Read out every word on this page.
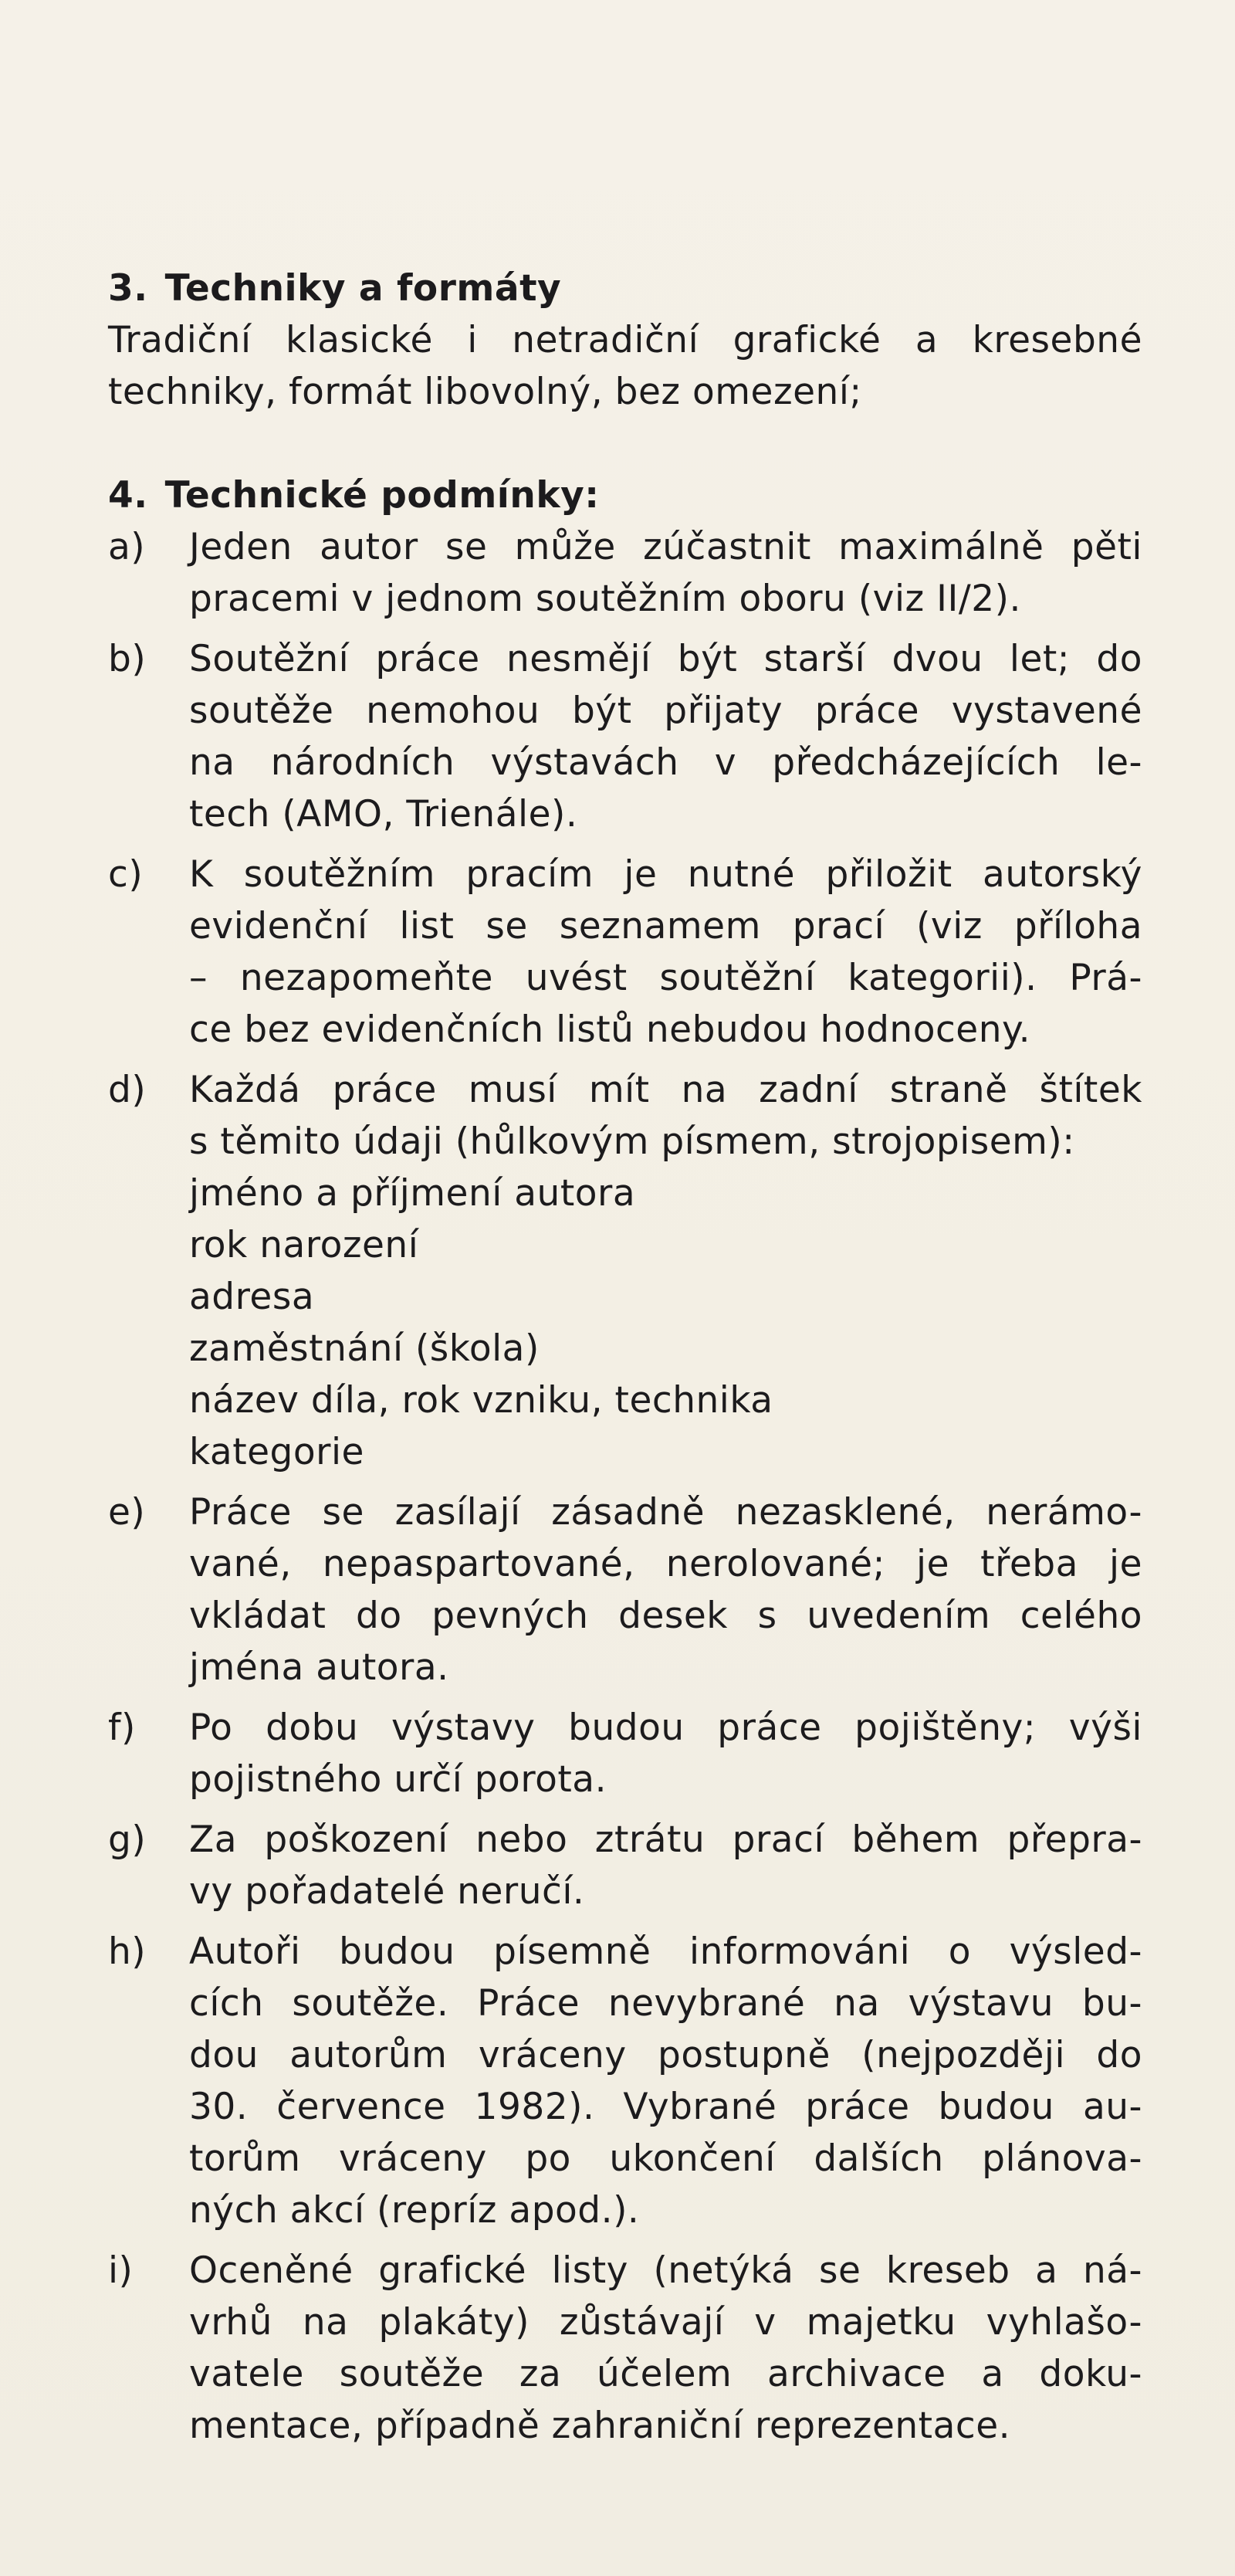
3. Techniky a formáty
Tradiční klasické i netradiční grafické a kresebné
techniky, formát libovolný, bez omezení;
4. Technické podmínky:
a)	Jeden autor se může zúčastnit maximálně pěti
pracemi v jednom soutěžním oboru (viz II/2).
b)	Soutěžní práce nesmějí být starší dvou let; do
soutěže nemohou být přijaty práce vystavené
na národních výstavách v předcházejících le-
tech (AMO, Trienále).
c)	K soutěžním pracím je nutné přiložit autorský
evidenční list se seznamem prací (viz příloha
– nezapomeňte uvést soutěžní kategorii). Prá-
ce bez evidenčních listů nebudou hodnoceny.
d)	Každá práce musí mít na zadní straně štítek
s těmito údaji (hůlkovým písmem, strojopisem):
jméno a příjmení autora
rok narození
adresa
zaměstnání (škola)
název díla, rok vzniku, technika
kategorie
e)	Práce se zasílají zásadně nezasklené, nerámo-
vané, nepaspartované, nerolované; je třeba je
vkládat do pevných desek s uvedením celého
jména autora.
f)	Po dobu výstavy budou práce pojištěny; výši
pojistného určí porota.
g)	Za poškození nebo ztrátu prací během přepra-
vy pořadatelé neručí.
h)	Autoři budou písemně informováni o výsled-
cích soutěže. Práce nevybrané na výstavu bu-
dou autorům vráceny postupně (nejpozději do
30. července 1982). Vybrané práce budou au-
torům vráceny po ukončení dalších plánova-
ných akcí (repríz apod.).
i)	Oceněné grafické listy (netýká se kreseb a ná-
vrhů na plakáty) zůstávají v majetku vyhlašo-
vatele soutěže za účelem archivace a doku-
mentace, případně zahraniční reprezentace.
